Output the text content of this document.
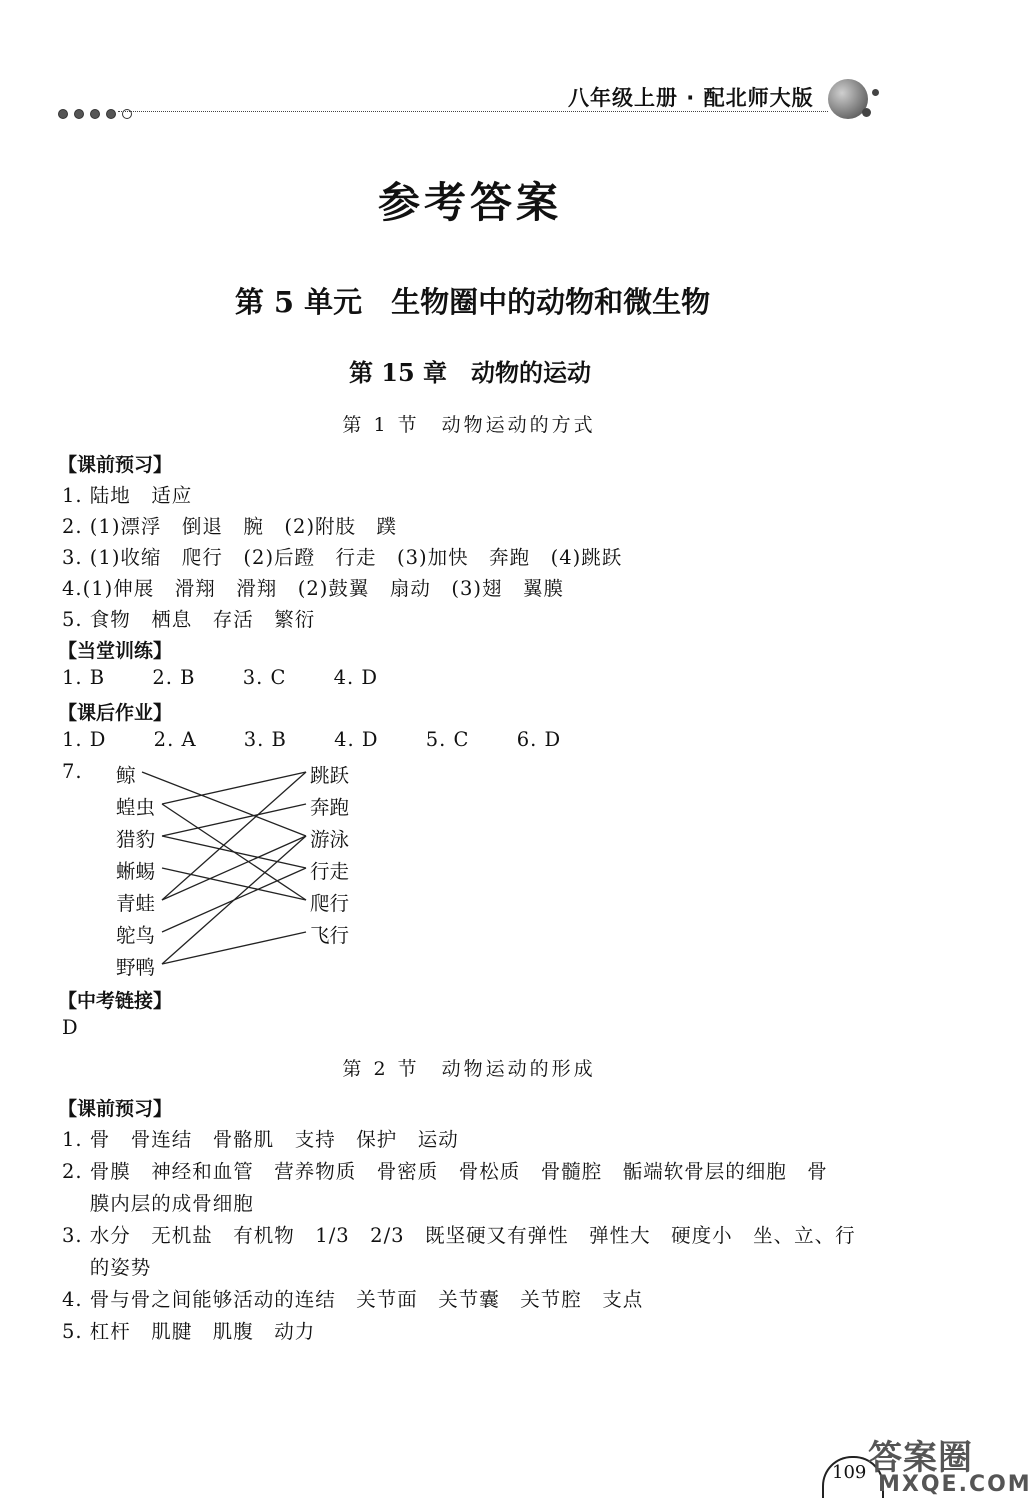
八年级上册 · 配北师大版
参考答案
第 5 单元　生物圈中的动物和微生物
第 15 章　动物的运动
第 1 节　动物运动的方式
【课前预习】
1. 陆地　适应
2. (1)漂浮　倒退　腕　(2)附肢　蹼
3. (1)收缩　爬行　(2)后蹬　行走　(3)加快　奔跑　(4)跳跃
4.(1)伸展　滑翔　滑翔　(2)鼓翼　扇动　(3)翅　翼膜
5. 食物　栖息　存活　繁衍
【当堂训练】
1. B 2. B 3. C 4. D
【课后作业】
1. D 2. A 3. B 4. D 5. C 6. D
7. 鲸
蝗虫
猎豹
蜥蜴
青蛙
鸵鸟
野鸭
跳跃
奔跑
游泳
行走
爬行
飞行
【中考链接】
D
第 2 节　动物运动的形成
【课前预习】
1. 骨　骨连结　骨骼肌　支持　保护　运动
2. 骨膜　神经和血管　营养物质　骨密质　骨松质　骨髓腔　骺端软骨层的细胞　骨
　 膜内层的成骨细胞
3. 水分　无机盐　有机物　1/3　2/3　既坚硬又有弹性　弹性大　硬度小　坐、立、行
　 的姿势
4. 骨与骨之间能够活动的连结　关节面　关节囊　关节腔　支点
5. 杠杆　肌腱　肌腹　动力
109 答案圈
MXQE.COM
